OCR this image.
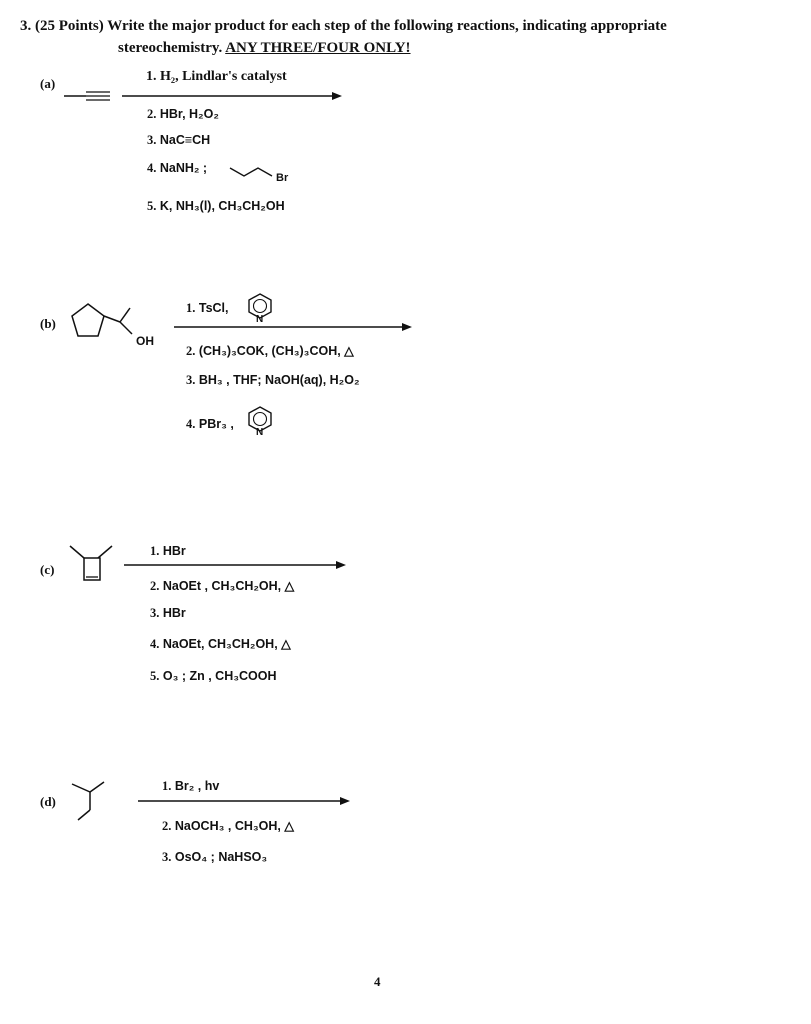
3. (25 Points) Write the major product for each step of the following reactions, indicating appropriate
stereochemistry. ANY THREE/FOUR ONLY!
(a)	1. H₂, Lindlar's catalyst
2. HBr, H₂O₂
3. NaC≡CH
4. NaNH₂ ;
Br
5. K, NH₃(l), CH₃CH₂OH
(b)
OH
1. TsCl,
N
2. (CH₃)₃COK, (CH₃)₃COH, △
3. BH₃ , THF; NaOH(aq), H₂O₂
4. PBr₃ ,
N
(c)
1. HBr
2. NaOEt , CH₃CH₂OH, △
3. HBr
4. NaOEt, CH₃CH₂OH, △
5. O₃ ; Zn , CH₃COOH
(d)
1. Br₂ , hv
2. NaOCH₃ , CH₃OH, △
3. OsO₄ ; NaHSO₃
4
